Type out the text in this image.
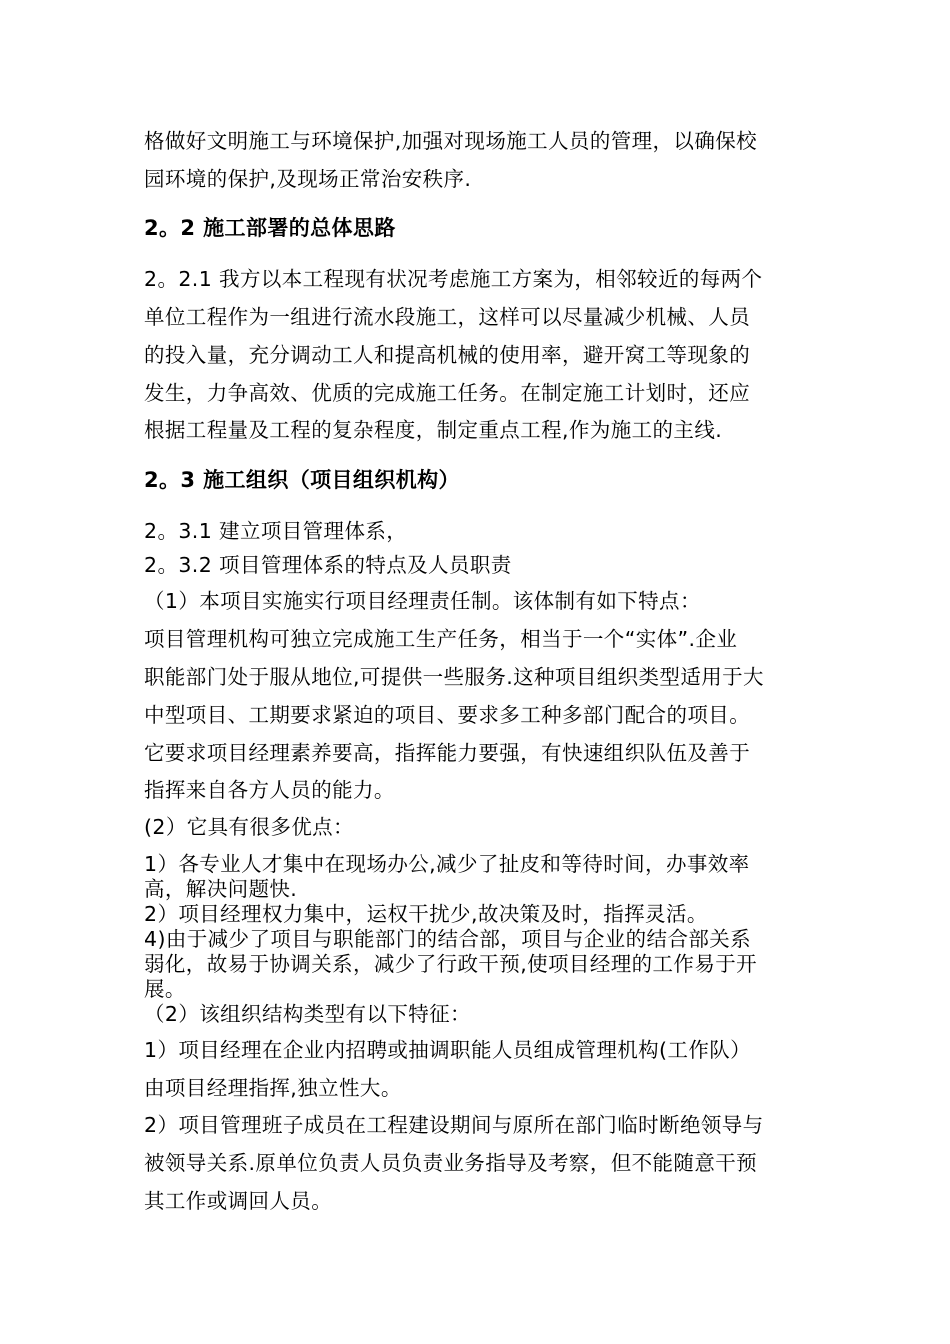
格做好文明施工与环境保护,加强对现场施工人员的管理，以确保校
园环境的保护,及现场正常治安秩序.
2。2 施工部署的总体思路
2。2.1 我方以本工程现有状况考虑施工方案为，相邻较近的每两个
单位工程作为一组进行流水段施工，这样可以尽量减少机械、人员
的投入量，充分调动工人和提高机械的使用率，避开窝工等现象的
发生，力争高效、优质的完成施工任务。在制定施工计划时，还应
根据工程量及工程的复杂程度，制定重点工程,作为施工的主线.
2。3 施工组织（项目组织机构）
2。3.1 建立项目管理体系，
2。3.2 项目管理体系的特点及人员职责
（1）本项目实施实行项目经理责任制。该体制有如下特点：
项目管理机构可独立完成施工生产任务，相当于一个“实体”.企业
职能部门处于服从地位,可提供一些服务.这种项目组织类型适用于大
中型项目、工期要求紧迫的项目、要求多工种多部门配合的项目。
它要求项目经理素养要高，指挥能力要强，有快速组织队伍及善于
指挥来自各方人员的能力。
(2）它具有很多优点：
1）各专业人才集中在现场办公,减少了扯皮和等待时间，办事效率
高，解决问题快.
2）项目经理权力集中，运权干扰少,故决策及时，指挥灵活。
4)由于减少了项目与职能部门的结合部，项目与企业的结合部关系
弱化，故易于协调关系，减少了行政干预,使项目经理的工作易于开
展。
（2）该组织结构类型有以下特征：
1）项目经理在企业内招聘或抽调职能人员组成管理机构(工作队）
由项目经理指挥,独立性大。
2）项目管理班子成员在工程建设期间与原所在部门临时断绝领导与
被领导关系.原单位负责人员负责业务指导及考察，但不能随意干预
其工作或调回人员。
